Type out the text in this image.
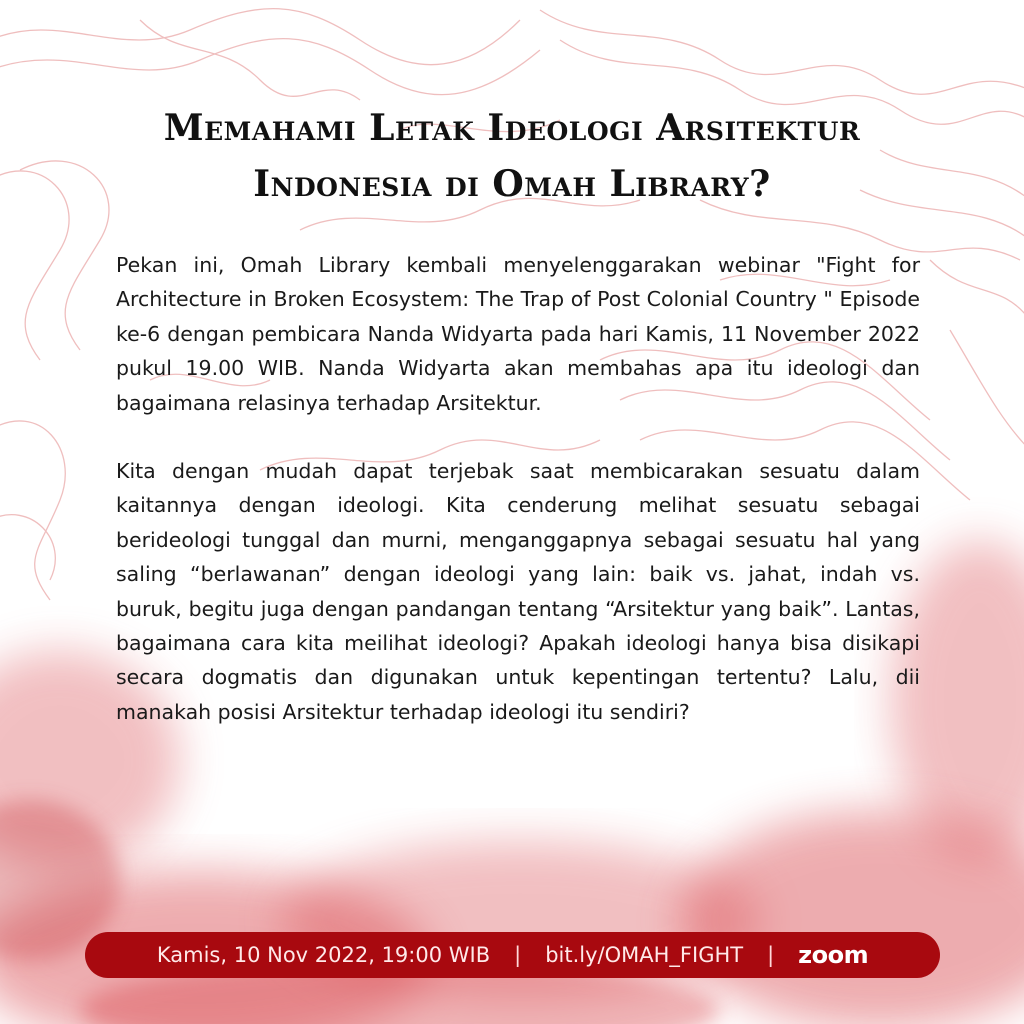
Memahami Letak Ideologi Arsitektur
Indonesia di Omah Library?

Pekan ini, Omah Library kembali menyelenggarakan webinar "Fight for Architecture in Broken Ecosystem: The Trap of Post Colonial Country " Episode ke-6 dengan pembicara Nanda Widyarta pada hari Kamis, 11 November 2022 pukul 19.00 WIB. Nanda Widyarta akan membahas apa itu ideologi dan bagaimana relasinya terhadap Arsitektur.

Kita dengan mudah dapat terjebak saat membicarakan sesuatu dalam kaitannya dengan ideologi. Kita cenderung melihat sesuatu sebagai berideologi tunggal dan murni, menganggapnya sebagai sesuatu hal yang saling “berlawanan” dengan ideologi yang lain: baik vs. jahat, indah vs. buruk, begitu juga dengan pandangan tentang “Arsitektur yang baik”. Lantas, bagaimana cara kita meilihat ideologi? Apakah ideologi hanya bisa disikapi secara dogmatis dan digunakan untuk kepentingan tertentu? Lalu, dii manakah posisi Arsitektur terhadap ideologi itu sendiri?

Kamis, 10 Nov 2022, 19:00 WIB | bit.ly/OMAH_FIGHT | zoom
